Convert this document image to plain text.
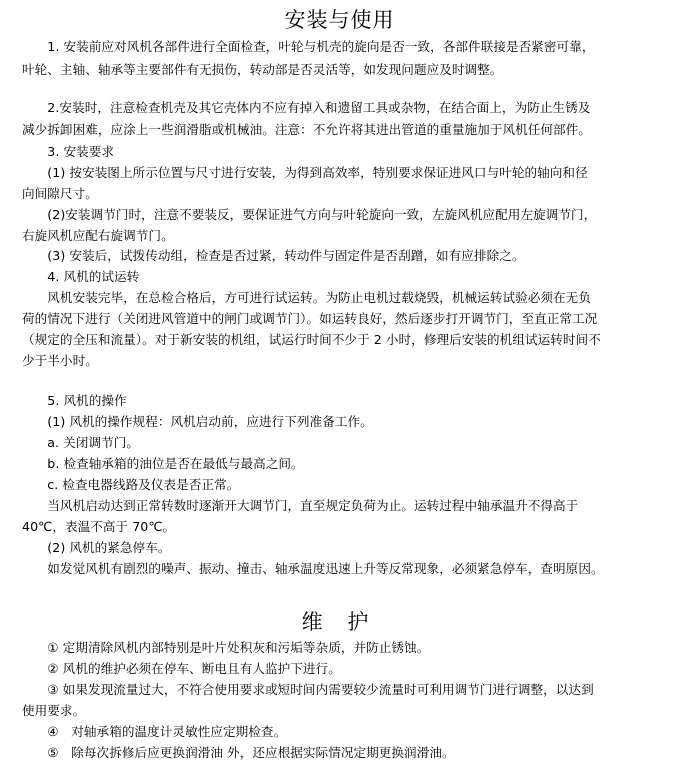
安装与使用
　　1. 安装前应对风机各部件进行全面检查，叶轮与机壳的旋向是否一致，各部件联接是否紧密可靠，
叶轮、主轴、轴承等主要部件有无损伤，转动部是否灵活等，如发现问题应及时调整。
　　2.安装时，注意检查机壳及其它壳体内不应有掉入和遗留工具或杂物，在结合面上，为防止生锈及
减少拆卸困难，应涂上一些润滑脂或机械油。注意：不允许将其进出管道的重量施加于风机任何部件。
　　3. 安装要求
　　(1) 按安装图上所示位置与尺寸进行安装，为得到高效率，特别要求保证进风口与叶轮的轴向和径
向间隙尺寸。
　　(2)安装调节门时，注意不要装反，要保证进气方向与叶轮旋向一致，左旋风机应配用左旋调节门，
右旋风机应配右旋调节门。
　　(3) 安装后，试拨传动组，检查是否过紧，转动件与固定件是否刮蹭，如有应排除之。
　　4. 风机的试运转
　　风机安装完毕，在总检合格后，方可进行试运转。为防止电机过载烧毁，机械运转试验必须在无负
荷的情况下进行（关闭进风管道中的闸门或调节门）。如运转良好，然后逐步打开调节门，至直正常工况
（规定的全压和流量）。对于新安装的机组，试运行时间不少于 2 小时，修理后安装的机组试运转时间不
少于半小时。
　　5. 风机的操作
　　(1) 风机的操作规程：风机启动前，应进行下列准备工作。
　　a. 关闭调节门。
　　b. 检查轴承箱的油位是否在最低与最高之间。
　　c. 检查电器线路及仪表是否正常。
　　当风机启动达到正常转数时逐渐开大调节门，直至规定负荷为止。运转过程中轴承温升不得高于
40℃，表温不高于 70℃。
　　(2) 风机的紧急停车。
　　如发觉风机有剧烈的噪声、振动、撞击、轴承温度迅速上升等反常现象，必须紧急停车，查明原因。
维 护
　　① 定期清除风机内部特别是叶片处积灰和污垢等杂质，并防止锈蚀。
　　② 风机的维护必须在停车、断电且有人监护下进行。
　　③ 如果发现流量过大，不符合使用要求或短时间内需要较少流量时可利用调节门进行调整，以达到
使用要求。
　　④　对轴承箱的温度计灵敏性应定期检查。
　　⑤　除每次拆修后应更换润滑油 外，还应根据实际情况定期更换润滑油。
